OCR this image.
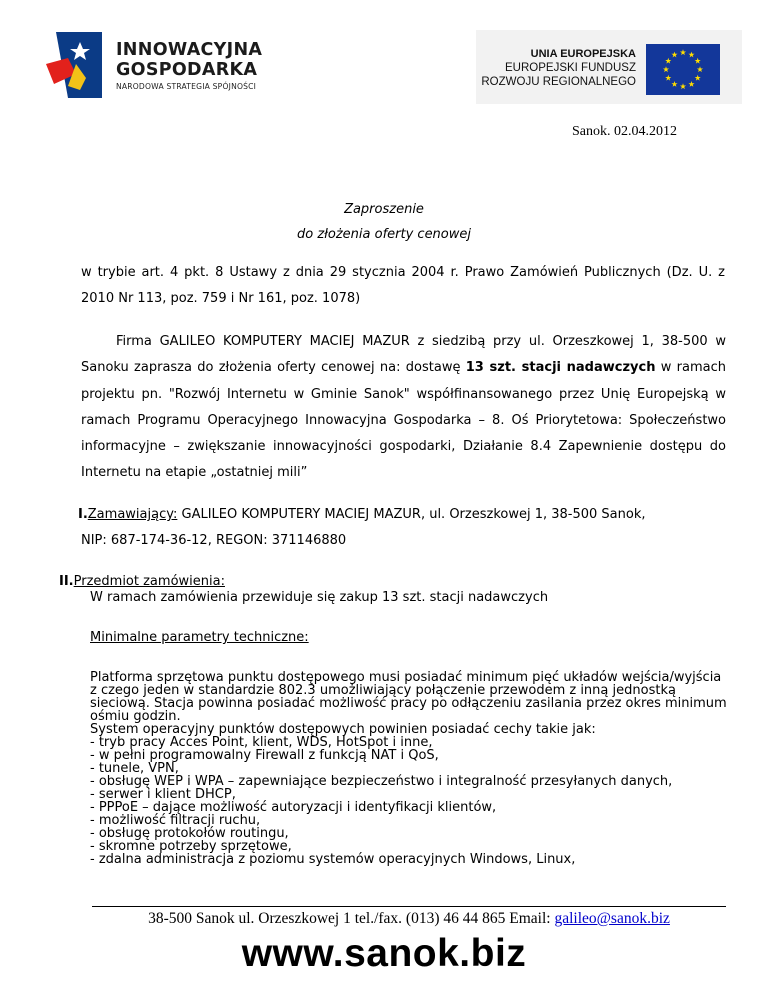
INNOWACYJNA
GOSPODARKA
NARODOWA STRATEGIA SPÓJNOŚCI
UNIA EUROPEJSKA
EUROPEJSKI FUNDUSZ
ROZWOJU REGIONALNEGO
Sanok. 02.04.2012
Zaproszenie
do złożenia oferty cenowej
w trybie art. 4 pkt. 8 Ustawy z dnia 29 stycznia 2004 r. Prawo Zamówień Publicznych (Dz. U. z
2010 Nr 113, poz. 759 i Nr 161, poz. 1078)
Firma GALILEO KOMPUTERY MACIEJ MAZUR z siedzibą przy ul. Orzeszkowej 1, 38-500 w
Sanoku zaprasza do złożenia oferty cenowej na: dostawę 13 szt. stacji nadawczych w ramach
projektu pn. "Rozwój Internetu w Gminie Sanok" współfinansowanego przez Unię Europejską w
ramach Programu Operacyjnego Innowacyjna Gospodarka – 8. Oś Priorytetowa: Społeczeństwo
informacyjne – zwiększanie innowacyjności gospodarki, Działanie 8.4 Zapewnienie dostępu do
Internetu na etapie „ostatniej mili”
I.Zamawiający: GALILEO KOMPUTERY MACIEJ MAZUR, ul. Orzeszkowej 1, 38-500 Sanok,
NIP: 687-174-36-12, REGON: 371146880
II.Przedmiot zamówienia:
W ramach zamówienia przewiduje się zakup 13 szt. stacji nadawczych
Minimalne parametry techniczne:
Platforma sprzętowa punktu dostępowego musi posiadać minimum pięć układów wejścia/wyjścia
z czego jeden w standardzie 802.3 umożliwiający połączenie przewodem z inną jednostką
sieciową. Stacja powinna posiadać możliwość pracy po odłączeniu zasilania przez okres minimum
ośmiu godzin.
System operacyjny punktów dostępowych powinien posiadać cechy takie jak:
- tryb pracy Acces Point, klient, WDS, HotSpot i inne,
- w pełni programowalny Firewall z funkcją NAT i QoS,
- tunele, VPN,
- obsługę WEP i WPA – zapewniające bezpieczeństwo i integralność przesyłanych danych,
- serwer i klient DHCP,
- PPPoE – dające możliwość autoryzacji i identyfikacji klientów,
- możliwość filtracji ruchu,
- obsługę protokołów routingu,
- skromne potrzeby sprzętowe,
- zdalna administracja z poziomu systemów operacyjnych Windows, Linux,
38-500 Sanok ul. Orzeszkowej 1 tel./fax. (013) 46 44 865 Email: galileo@sanok.biz
www.sanok.biz
